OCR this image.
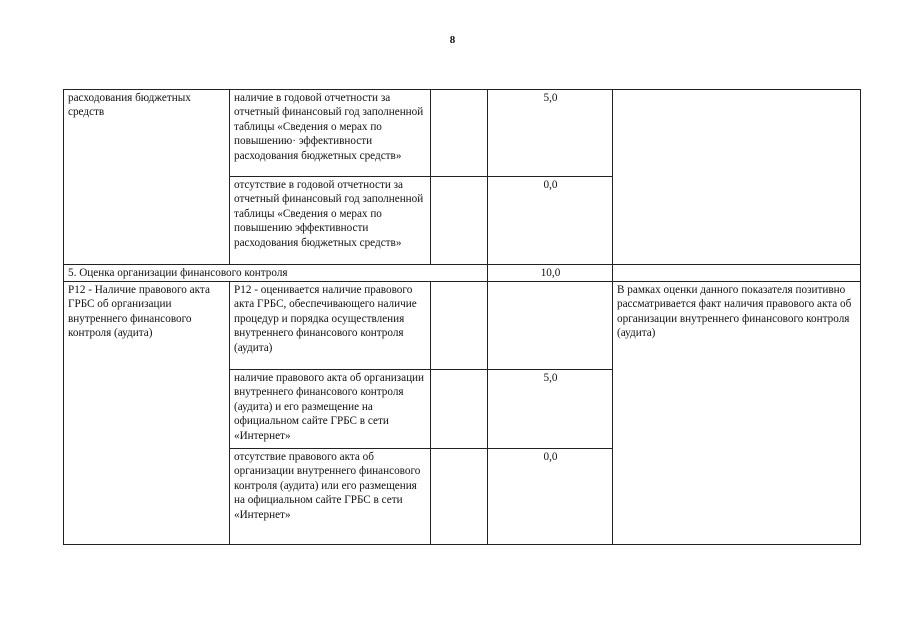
8
расходования бюджетных средств	наличие в годовой отчетности за отчетный финансовый год заполненной таблицы «Сведения о мерах по повышению· эффективности расходования бюджетных средств»		5,0	
	отсутствие в годовой отчетности за отчетный финансовый год заполненной таблицы «Сведения о мерах по повышению эффективности расходования бюджетных средств»		0,0	
5. Оценка организации финансового контроля			10,0	
Р12 - Наличие правового акта ГРБС об организации внутреннего финансового контроля (аудита)	Р12 - оценивается наличие правового акта ГРБС, обеспечивающего наличие процедур и порядка осуществления внутреннего финансового контроля (аудита)			В рамках оценки данного показателя позитивно рассматривается факт наличия правового акта об организации внутреннего финансового контроля (аудита)
	наличие правового акта об организации внутреннего финансового контроля (аудита) и его размещение на официальном сайте ГРБС в сети «Интернет»		5,0	
	отсутствие правового акта об организации внутреннего финансового контроля (аудита) или его размещения на официальном сайте ГРБС в сети «Интернет»		0,0	
